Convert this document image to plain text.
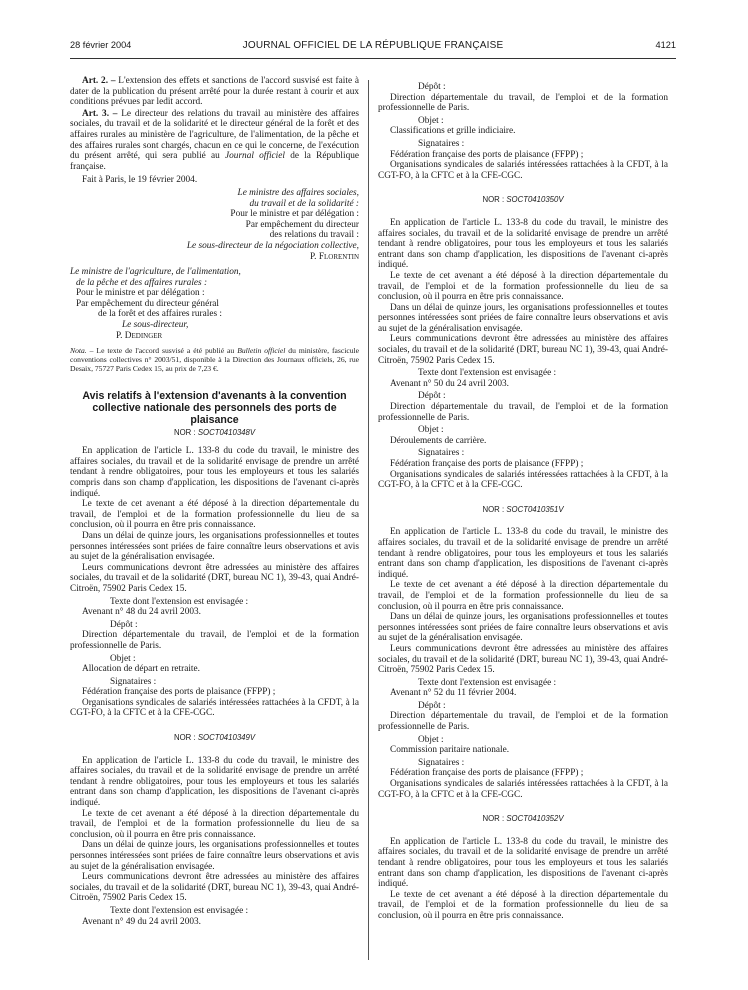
28 février 2004	JOURNAL OFFICIEL DE LA RÉPUBLIQUE FRANÇAISE	4121

Art. 2. – L'extension des effets et sanctions de l'accord susvisé est faite à dater de la publication du présent arrêté pour la durée restant à courir et aux conditions prévues par ledit accord.

Art. 3. – Le directeur des relations du travail au ministère des affaires sociales, du travail et de la solidarité et le directeur général de la forêt et des affaires rurales au ministère de l'agriculture, de l'alimentation, de la pêche et des affaires rurales sont chargés, chacun en ce qui le concerne, de l'exécution du présent arrêté, qui sera publié au Journal officiel de la République française.

Fait à Paris, le 19 février 2004.

Le ministre des affaires sociales,
du travail et de la solidarité :
Pour le ministre et par délégation :
Par empêchement du directeur
des relations du travail :
Le sous-directeur de la négociation collective,
P. Florentin
Le ministre de l'agriculture, de l'alimentation,
de la pêche et des affaires rurales :
Pour le ministre et par délégation :
Par empêchement du directeur général
de la forêt et des affaires rurales :
Le sous-directeur,
P. Dedinger

Nota. – Le texte de l'accord susvisé a été publié au Bulletin officiel du ministère, fascicule conventions collectives n° 2003/51, disponible à la Direction des Journaux officiels, 26, rue Desaix, 75727 Paris Cedex 15, au prix de 7,23 €.

Avis relatifs à l'extension d'avenants à la convention collective nationale des personnels des ports de plaisance

NOR : SOCT0410348V

En application de l'article L. 133-8 du code du travail, le ministre des affaires sociales, du travail et de la solidarité envisage de prendre un arrêté tendant à rendre obligatoires, pour tous les employeurs et tous les salariés compris dans son champ d'application, les dispositions de l'avenant ci-après indiqué.

Le texte de cet avenant a été déposé à la direction départementale du travail, de l'emploi et de la formation professionnelle du lieu de sa conclusion, où il pourra en être pris connaissance.

Dans un délai de quinze jours, les organisations professionnelles et toutes personnes intéressées sont priées de faire connaître leurs observations et avis au sujet de la généralisation envisagée.

Leurs communications devront être adressées au ministère des affaires sociales, du travail et de la solidarité (DRT, bureau NC 1), 39-43, quai André-Citroën, 75902 Paris Cedex 15.

Texte dont l'extension est envisagée :

Avenant n° 48 du 24 avril 2003.

Dépôt :

Direction départementale du travail, de l'emploi et de la formation professionnelle de Paris.

Objet :

Allocation de départ en retraite.

Signataires :

Fédération française des ports de plaisance (FFPP) ;

Organisations syndicales de salariés intéressées rattachées à la CFDT, à la CGT-FO, à la CFTC et à la CFE-CGC.

NOR : SOCT0410349V

En application de l'article L. 133-8 du code du travail, le ministre des affaires sociales, du travail et de la solidarité envisage de prendre un arrêté tendant à rendre obligatoires, pour tous les employeurs et tous les salariés entrant dans son champ d'application, les dispositions de l'avenant ci-après indiqué.

Le texte de cet avenant a été déposé à la direction départementale du travail, de l'emploi et de la formation professionnelle du lieu de sa conclusion, où il pourra en être pris connaissance.

Dans un délai de quinze jours, les organisations professionnelles et toutes personnes intéressées sont priées de faire connaître leurs observations et avis au sujet de la généralisation envisagée.

Leurs communications devront être adressées au ministère des affaires sociales, du travail et de la solidarité (DRT, bureau NC 1), 39-43, quai André-Citroën, 75902 Paris Cedex 15.

Texte dont l'extension est envisagée :

Avenant n° 49 du 24 avril 2003.

Dépôt :

Direction départementale du travail, de l'emploi et de la formation professionnelle de Paris.

Objet :

Classifications et grille indiciaire.

Signataires :

Fédération française des ports de plaisance (FFPP) ;

Organisations syndicales de salariés intéressées rattachées à la CFDT, à la CGT-FO, à la CFTC et à la CFE-CGC.

NOR : SOCT0410350V

En application de l'article L. 133-8 du code du travail, le ministre des affaires sociales, du travail et de la solidarité envisage de prendre un arrêté tendant à rendre obligatoires, pour tous les employeurs et tous les salariés entrant dans son champ d'application, les dispositions de l'avenant ci-après indiqué.

Le texte de cet avenant a été déposé à la direction départementale du travail, de l'emploi et de la formation professionnelle du lieu de sa conclusion, où il pourra en être pris connaissance.

Dans un délai de quinze jours, les organisations professionnelles et toutes personnes intéressées sont priées de faire connaître leurs observations et avis au sujet de la généralisation envisagée.

Leurs communications devront être adressées au ministère des affaires sociales, du travail et de la solidarité (DRT, bureau NC 1), 39-43, quai André-Citroën, 75902 Paris Cedex 15.

Texte dont l'extension est envisagée :

Avenant n° 50 du 24 avril 2003.

Dépôt :

Direction départementale du travail, de l'emploi et de la formation professionnelle de Paris.

Objet :

Déroulements de carrière.

Signataires :

Fédération française des ports de plaisance (FFPP) ;

Organisations syndicales de salariés intéressées rattachées à la CFDT, à la CGT-FO, à la CFTC et à la CFE-CGC.

NOR : SOCT0410351V

En application de l'article L. 133-8 du code du travail, le ministre des affaires sociales, du travail et de la solidarité envisage de prendre un arrêté tendant à rendre obligatoires, pour tous les employeurs et tous les salariés entrant dans son champ d'application, les dispositions de l'avenant ci-après indiqué.

Le texte de cet avenant a été déposé à la direction départementale du travail, de l'emploi et de la formation professionnelle du lieu de sa conclusion, où il pourra en être pris connaissance.

Dans un délai de quinze jours, les organisations professionnelles et toutes personnes intéressées sont priées de faire connaître leurs observations et avis au sujet de la généralisation envisagée.

Leurs communications devront être adressées au ministère des affaires sociales, du travail et de la solidarité (DRT, bureau NC 1), 39-43, quai André-Citroën, 75902 Paris Cedex 15.

Texte dont l'extension est envisagée :

Avenant n° 52 du 11 février 2004.

Dépôt :

Direction départementale du travail, de l'emploi et de la formation professionnelle de Paris.

Objet :

Commission paritaire nationale.

Signataires :

Fédération française des ports de plaisance (FFPP) ;

Organisations syndicales de salariés intéressées rattachées à la CFDT, à la CGT-FO, à la CFTC et à la CFE-CGC.

NOR : SOCT0410352V

En application de l'article L. 133-8 du code du travail, le ministre des affaires sociales, du travail et de la solidarité envisage de prendre un arrêté tendant à rendre obligatoires, pour tous les employeurs et tous les salariés entrant dans son champ d'application, les dispositions de l'avenant ci-après indiqué.

Le texte de cet avenant a été déposé à la direction départementale du travail, de l'emploi et de la formation professionnelle du lieu de sa conclusion, où il pourra en être pris connaissance.
